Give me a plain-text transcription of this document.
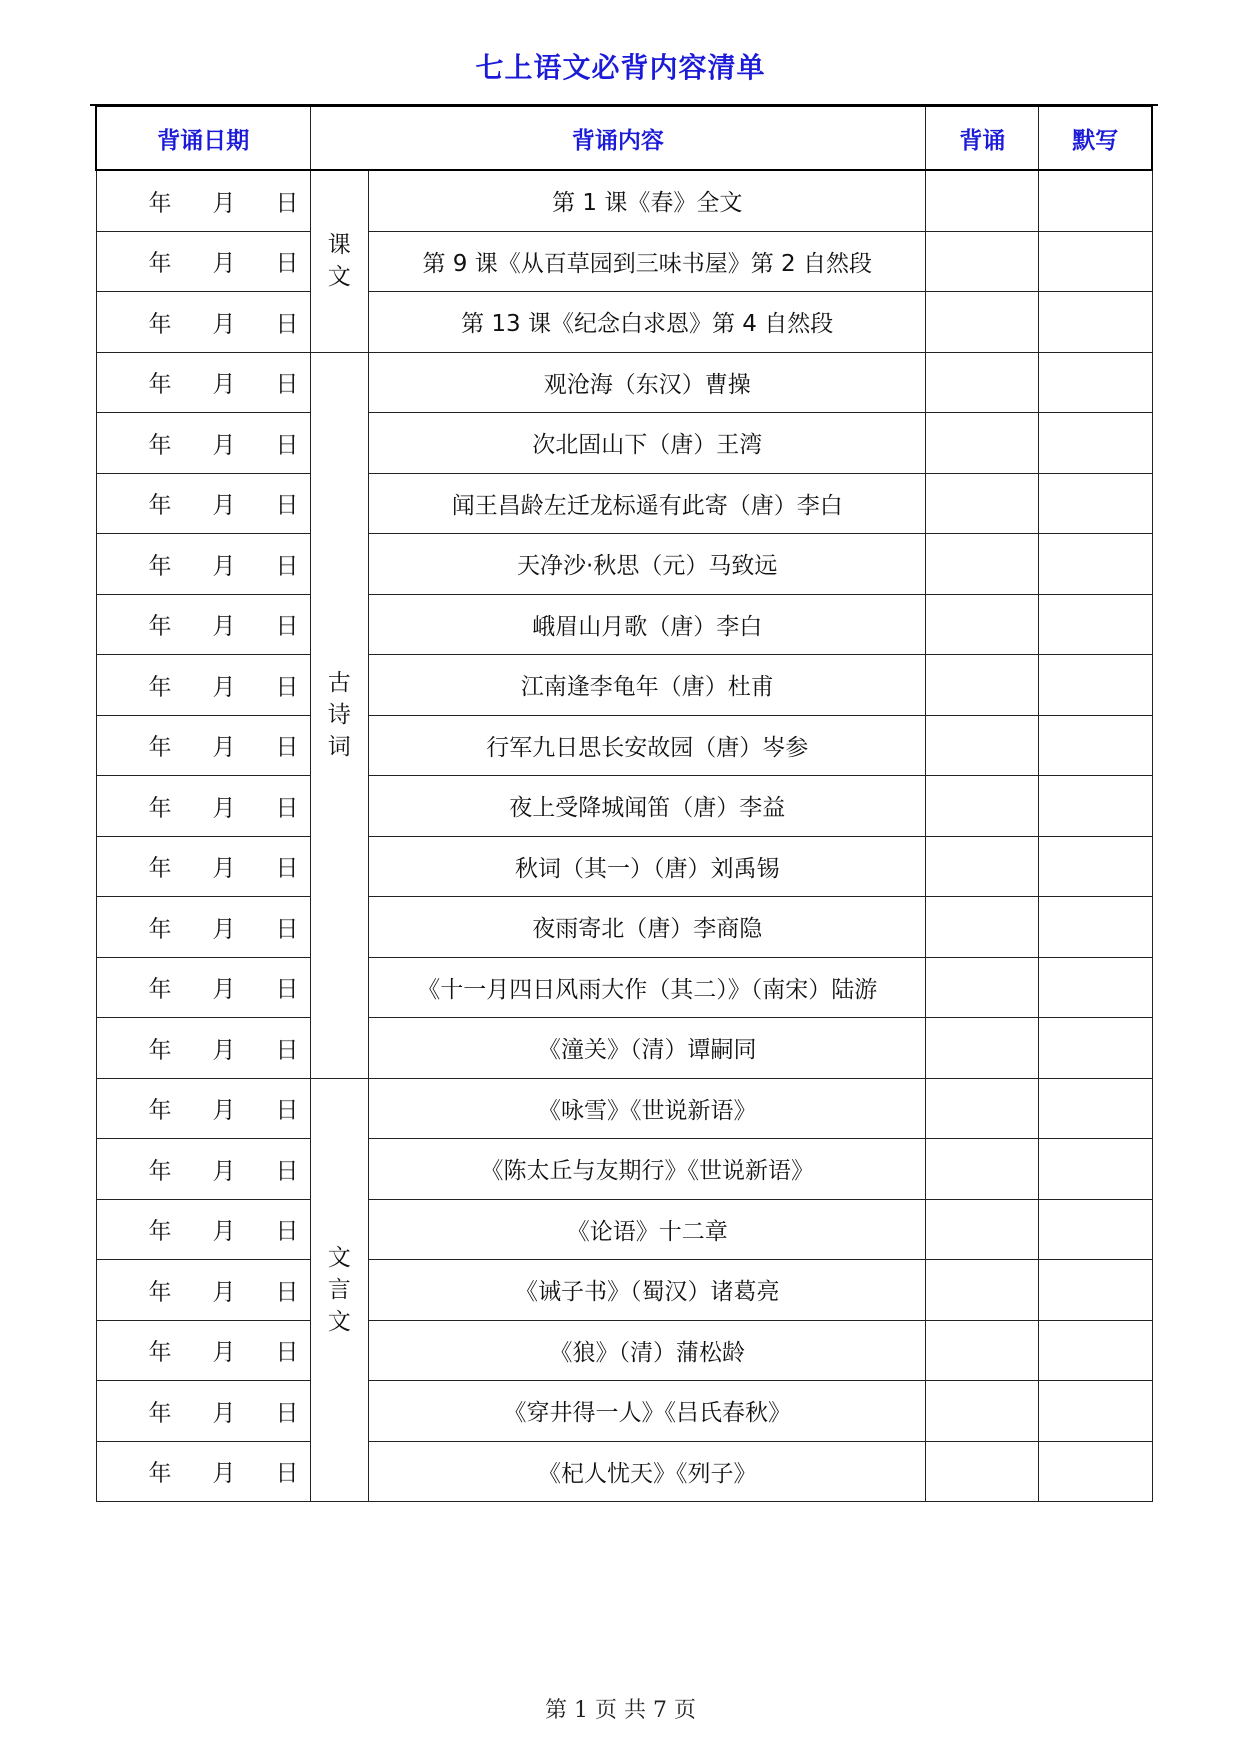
七上语文必背内容清单
背诵日期	背诵内容		背诵	默写

年 月 日	课文	第 1 课《春》全文		

年 月 日		第 9 课《从百草园到三味书屋》第 2 自然段		

年 月 日		第 13 课《纪念白求恩》第 4 自然段		

年 月 日	古诗词	观沧海（东汉）曹操		

年 月 日		次北固山下（唐）王湾		

年 月 日		闻王昌龄左迁龙标遥有此寄（唐）李白		

年 月 日		天净沙·秋思（元）马致远		

年 月 日		峨眉山月歌（唐）李白		

年 月 日		江南逢李龟年（唐）杜甫		

年 月 日		行军九日思长安故园（唐）岑参		

年 月 日		夜上受降城闻笛（唐）李益		

年 月 日		秋词（其一）（唐）刘禹锡		

年 月 日		夜雨寄北（唐）李商隐		

年 月 日		《十一月四日风雨大作（其二）》（南宋）陆游		

年 月 日		《潼关》（清）谭嗣同		

年 月 日	文言文	《咏雪》《世说新语》		

年 月 日		《陈太丘与友期行》《世说新语》		

年 月 日		《论语》十二章		

年 月 日		《诫子书》（蜀汉）诸葛亮		

年 月 日		《狼》（清）蒲松龄		

年 月 日		《穿井得一人》《吕氏春秋》		

年 月 日		《杞人忧天》《列子》		
第 1 页 共 7 页
